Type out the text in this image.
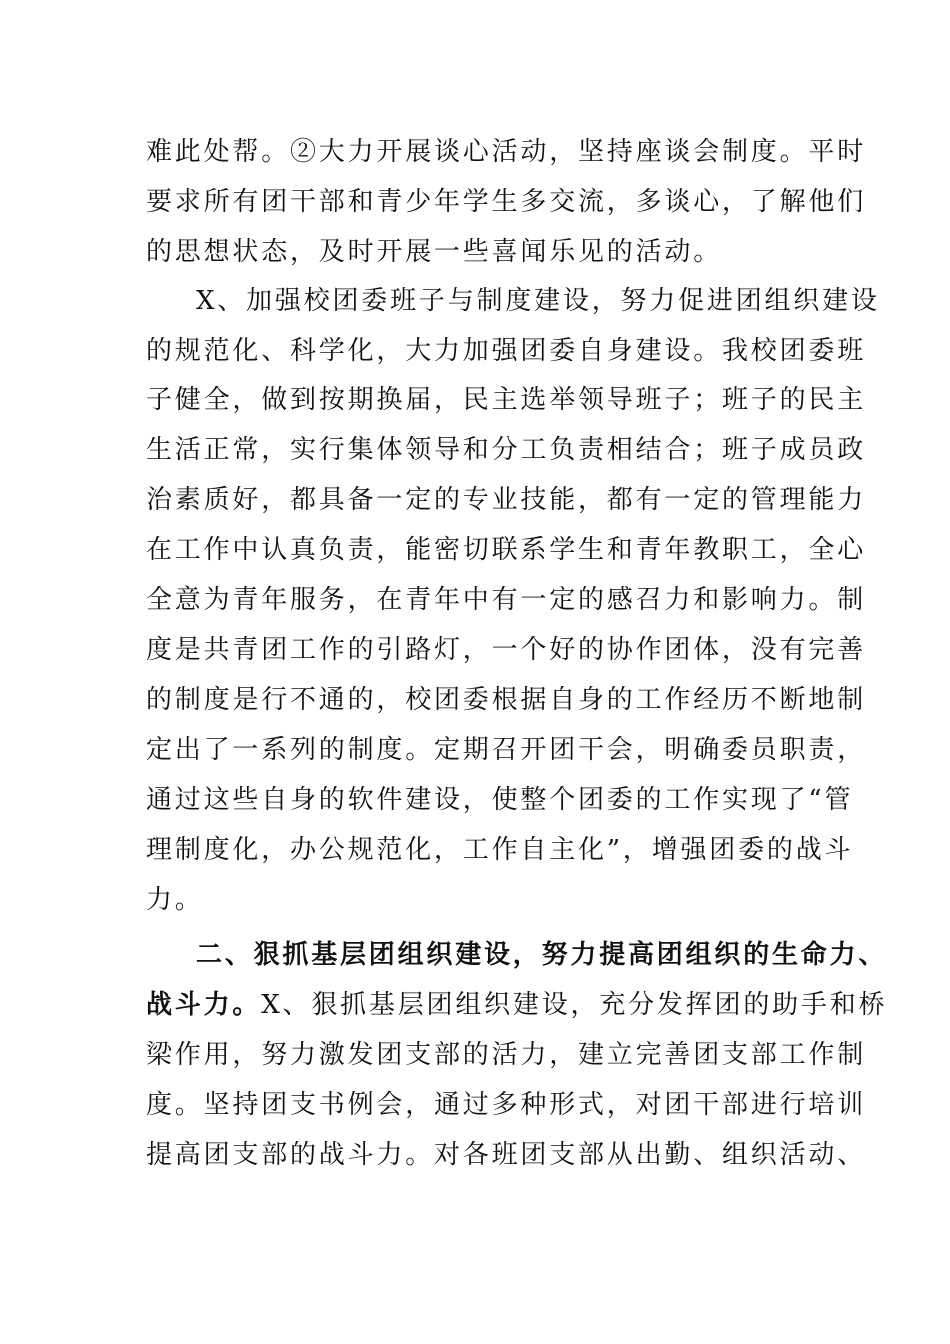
难此处帮。②大力开展谈心活动，坚持座谈会制度。平时

要求所有团干部和青少年学生多交流，多谈心，了解他们

的思想状态，及时开展一些喜闻乐见的活动。

X、加强校团委班子与制度建设，努力促进团组织建设

的规范化、科学化，大力加强团委自身建设。我校团委班

子健全，做到按期换届，民主选举领导班子；班子的民主

生活正常，实行集体领导和分工负责相结合；班子成员政

治素质好，都具备一定的专业技能，都有一定的管理能力

在工作中认真负责，能密切联系学生和青年教职工，全心

全意为青年服务，在青年中有一定的感召力和影响力。制

度是共青团工作的引路灯，一个好的协作团体，没有完善

的制度是行不通的，校团委根据自身的工作经历不断地制

定出了一系列的制度。定期召开团干会，明确委员职责，

通过这些自身的软件建设，使整个团委的工作实现了“管

理制度化，办公规范化，工作自主化”，增强团委的战斗

力。

二、狠抓基层团组织建设，努力提高团组织的生命力、

战斗力。X、狠抓基层团组织建设，充分发挥团的助手和桥

梁作用，努力激发团支部的活力，建立完善团支部工作制

度。坚持团支书例会，通过多种形式，对团干部进行培训

提高团支部的战斗力。对各班团支部从出勤、组织活动、
